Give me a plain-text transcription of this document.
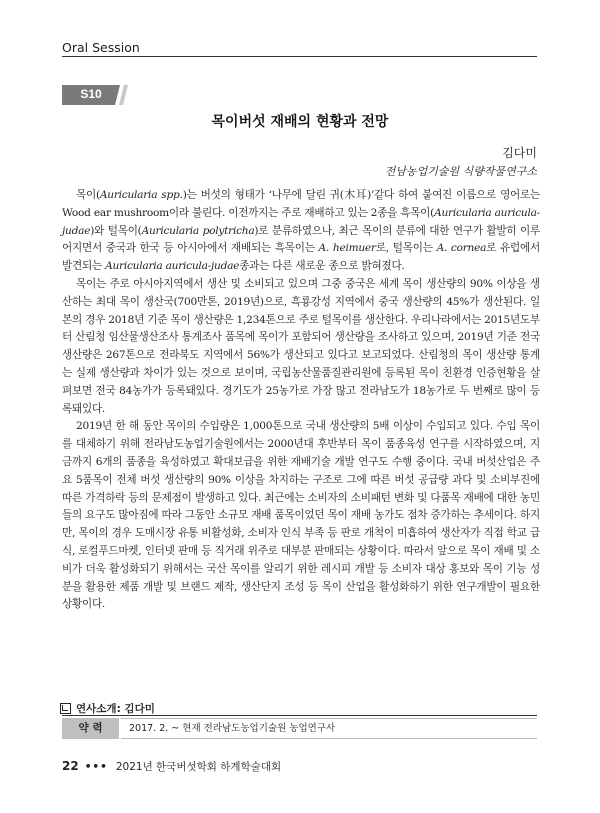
Oral Session
S10
목이버섯 재배의 현황과 전망
김다미
전남농업기술원 식량작물연구소

목이(Auricularia spp.)는 버섯의 형태가 ‘나무에 달린 귀(木耳)’같다 하여 붙여진 이름으로 영어로는 Wood ear mushroom이라 불린다. 이전까지는 주로 재배하고 있는 2종을 흑목이(Auricularia auricula-judae)와 털목이(Auricularia polytricha)로 분류하였으나, 최근 목이의 분류에 대한 연구가 활발히 이루어지면서 중국과 한국 등 아시아에서 재배되는 흑목이는 A. heimuer로, 털목이는 A. cornea로 유럽에서 발견되는 Auricularia auricula-judae종과는 다른 새로운 종으로 밝혀졌다.

목이는 주로 아시아지역에서 생산 및 소비되고 있으며 그중 중국은 세계 목이 생산량의 90% 이상을 생산하는 최대 목이 생산국(700만톤, 2019년)으로, 흑룡강성 지역에서 중국 생산량의 45%가 생산된다. 일본의 경우 2018년 기준 목이 생산량은 1,234톤으로 주로 털목이를 생산한다. 우리나라에서는 2015년도부터 산림청 임산물생산조사 통계조사 품목에 목이가 포함되어 생산량을 조사하고 있으며, 2019년 기준 전국 생산량은 267톤으로 전라북도 지역에서 56%가 생산되고 있다고 보고되었다. 산림청의 목이 생산량 통계는 실제 생산량과 차이가 있는 것으로 보이며, 국립농산물품질관리원에 등록된 목이 친환경 인증현황을 살펴보면 전국 84농가가 등록돼있다. 경기도가 25농가로 가장 많고 전라남도가 18농가로 두 번째로 많이 등록돼있다.

2019년 한 해 동안 목이의 수입량은 1,000톤으로 국내 생산량의 5배 이상이 수입되고 있다. 수입 목이를 대체하기 위해 전라남도농업기술원에서는 2000년대 후반부터 목이 품종육성 연구를 시작하였으며, 지금까지 6개의 품종을 육성하였고 확대보급을 위한 재배기술 개발 연구도 수행 중이다. 국내 버섯산업은 주요 5품목이 전체 버섯 생산량의 90% 이상을 차지하는 구조로 그에 따른 버섯 공급량 과다 및 소비부진에 따른 가격하락 등의 문제점이 발생하고 있다. 최근에는 소비자의 소비패턴 변화 및 다품목 재배에 대한 농민들의 요구도 많아짐에 따라 그동안 소규모 재배 품목이었던 목이 재배 농가도 점차 증가하는 추세이다. 하지만, 목이의 경우 도매시장 유통 비활성화, 소비자 인식 부족 등 판로 개척이 미흡하여 생산자가 직접 학교 급식, 로컬푸드마켓, 인터넷 판매 등 직거래 위주로 대부분 판매되는 상황이다. 따라서 앞으로 목이 재배 및 소비가 더욱 활성화되기 위해서는 국산 목이를 알리기 위한 레시피 개발 등 소비자 대상 홍보와 목이 기능 성분을 활용한 제품 개발 및 브랜드 제작, 생산단지 조성 등 목이 산업을 활성화하기 위한 연구개발이 필요한 상황이다.

연사소개: 김다미
약 력	2017. 2. ~ 현재 전라남도농업기술원 농업연구사
22 ••• 2021년 한국버섯학회 하계학술대회
